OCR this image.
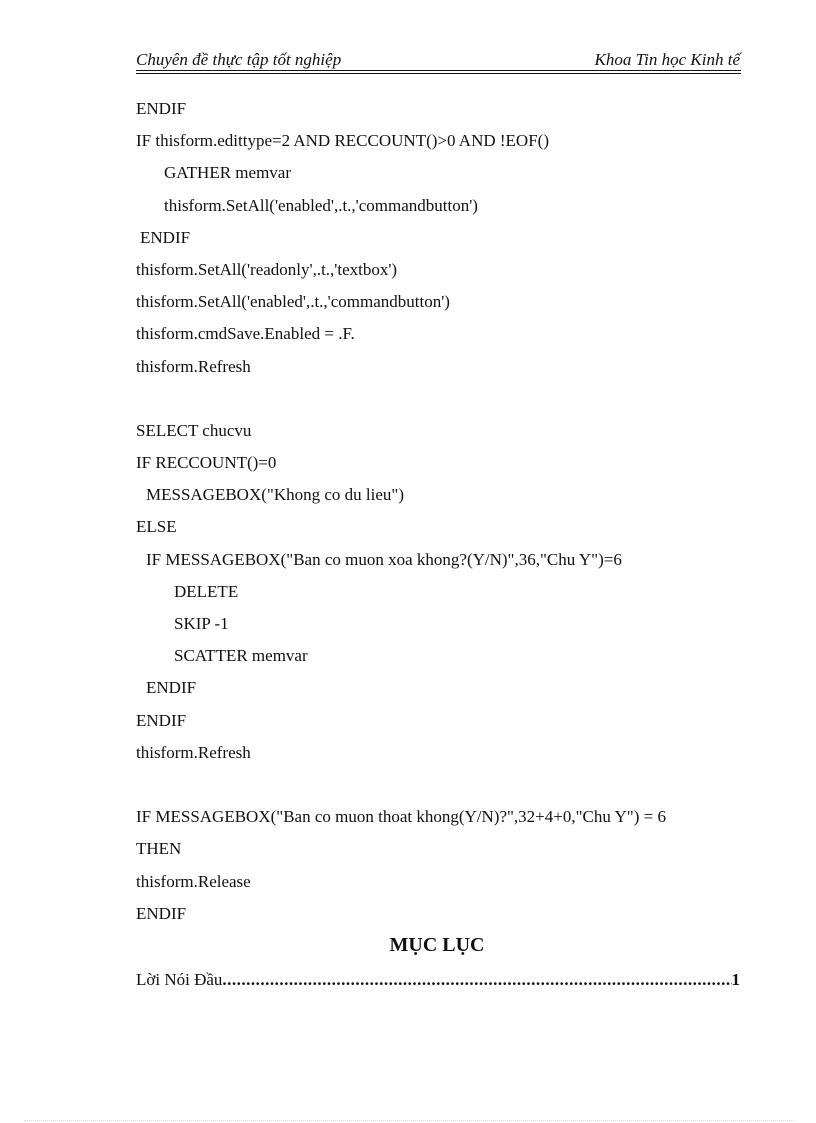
Chuyên đề thực tập tốt nghiệp	Khoa Tin học Kinh tế
ENDIF
IF thisform.edittype=2 AND RECCOUNT()>0 AND !EOF()
GATHER memvar
thisform.SetAll('enabled',.t.,'commandbutton')
ENDIF
thisform.SetAll('readonly',.t.,'textbox')
thisform.SetAll('enabled',.t.,'commandbutton')
thisform.cmdSave.Enabled = .F.
thisform.Refresh
SELECT chucvu
IF RECCOUNT()=0
MESSAGEBOX("Khong co du lieu")
ELSE
IF MESSAGEBOX("Ban co muon xoa khong?(Y/N)",36,"Chu Y")=6
DELETE
SKIP -1
SCATTER memvar
ENDIF
ENDIF
thisform.Refresh
IF MESSAGEBOX("Ban co muon thoat khong(Y/N)?",32+4+0,"Chu Y") = 6
THEN
thisform.Release
ENDIF
MỤC LỤC
Lời Nói Đầu
.....	1
